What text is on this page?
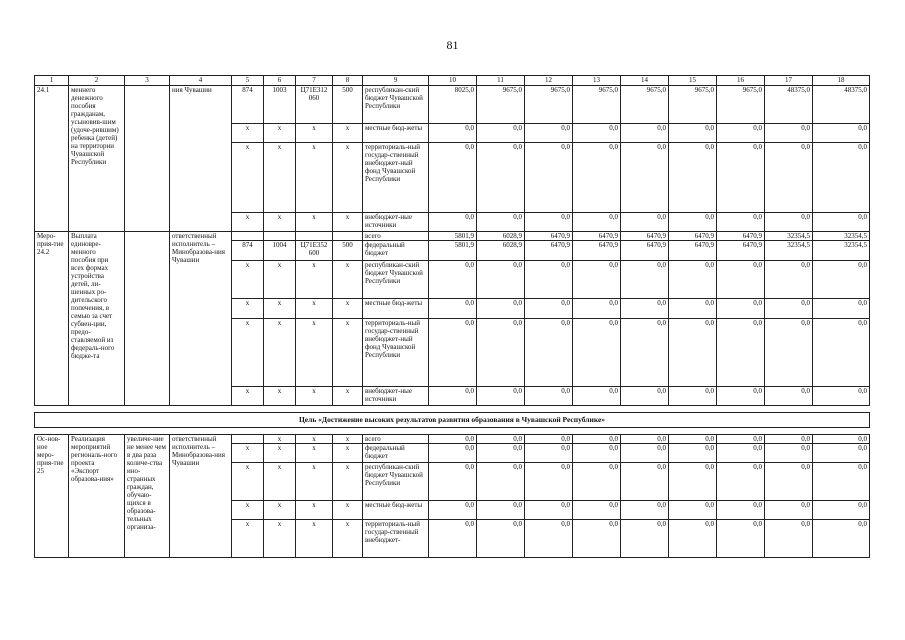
81
1	2	3	4	5	6	7	8	9	10	11	12	13	14	15	16	17	18
24.1	меннего денежного пособия гражданам, усыновив-шим (удоче-рившим) ребенка (детей) на территории Чувашской Республики		ния Чувашии	874	1003	Ц71Е312 060	500	республикан-ский бюджет Чувашской Республики	8025,0	9675,0	9675,0	9675,0	9675,0	9675,0	9675,0	48375,0	48375,0
				x	x	x	x	местные бюд-жеты	0,0	0,0	0,0	0,0	0,0	0,0	0,0	0,0	0,0
				x	x	x	x	территориаль-ный государ-ственный внебюджет-ный фонд Чувашской Республики	0,0	0,0	0,0	0,0	0,0	0,0	0,0	0,0	0,0
				x	x	x	x	внебюджет-ные источники	0,0	0,0	0,0	0,0	0,0	0,0	0,0	0,0	0,0
Меро-прия-тие 24.2	Выплата единовре-менного пособия при всех формах устройства детей, ли-шенных ро-дительского попечения, в семью за счет субвен-ции, предо-ставляемой из федераль-ного бюдже-та		ответственный исполнитель – Минобразова-ния Чувашии					всего	5801,9	6028,9	6470,9	6470,9	6470,9	6470,9	6470,9	32354,5	32354,5
				874	1004	Ц71Е352 600	500	федеральный бюджет	5801,9	6028,9	6470,9	6470,9	6470,9	6470,9	6470,9	32354,5	32354,5
				x	x	x	x	республикан-ский бюджет Чувашской Республики	0,0	0,0	0,0	0,0	0,0	0,0	0,0	0,0	0,0
				x	x	x	x	местные бюд-жеты	0,0	0,0	0,0	0,0	0,0	0,0	0,0	0,0	0,0
				x	x	x	x	территориаль-ный государ-ственный внебюджет-ный фонд Чувашской Республики	0,0	0,0	0,0	0,0	0,0	0,0	0,0	0,0	0,0
				x	x	x	x	внебюджет-ные источники	0,0	0,0	0,0	0,0	0,0	0,0	0,0	0,0	0,0

Цель «Достижение высоких результатов развития образования в Чувашской Республике»																	

Ос-нов-ное меро-прия-тие 25	Реализация мероприятий региональ-ного проекта «Экспорт образова-ния»	увеличе-ние не менее чем в два раза количе-ства ино-странных граждан, обучаю-щихся в образова-тельных организа-	ответственный исполнитель – Минобразова-ния Чувашии		x	x	x	всего	0,0	0,0	0,0	0,0	0,0	0,0	0,0	0,0	0,0
				x	x	x	x	федеральный бюджет	0,0	0,0	0,0	0,0	0,0	0,0	0,0	0,0	0,0
				x	x	x	x	республикан-ский бюджет Чувашской Республики	0,0	0,0	0,0	0,0	0,0	0,0	0,0	0,0	0,0
				x	x	x	x	местные бюд-жеты	0,0	0,0	0,0	0,0	0,0	0,0	0,0	0,0	0,0
				x	x	x	x	территориаль-ный государ-ственный внебюджет-	0,0	0,0	0,0	0,0	0,0	0,0	0,0	0,0	0,0
